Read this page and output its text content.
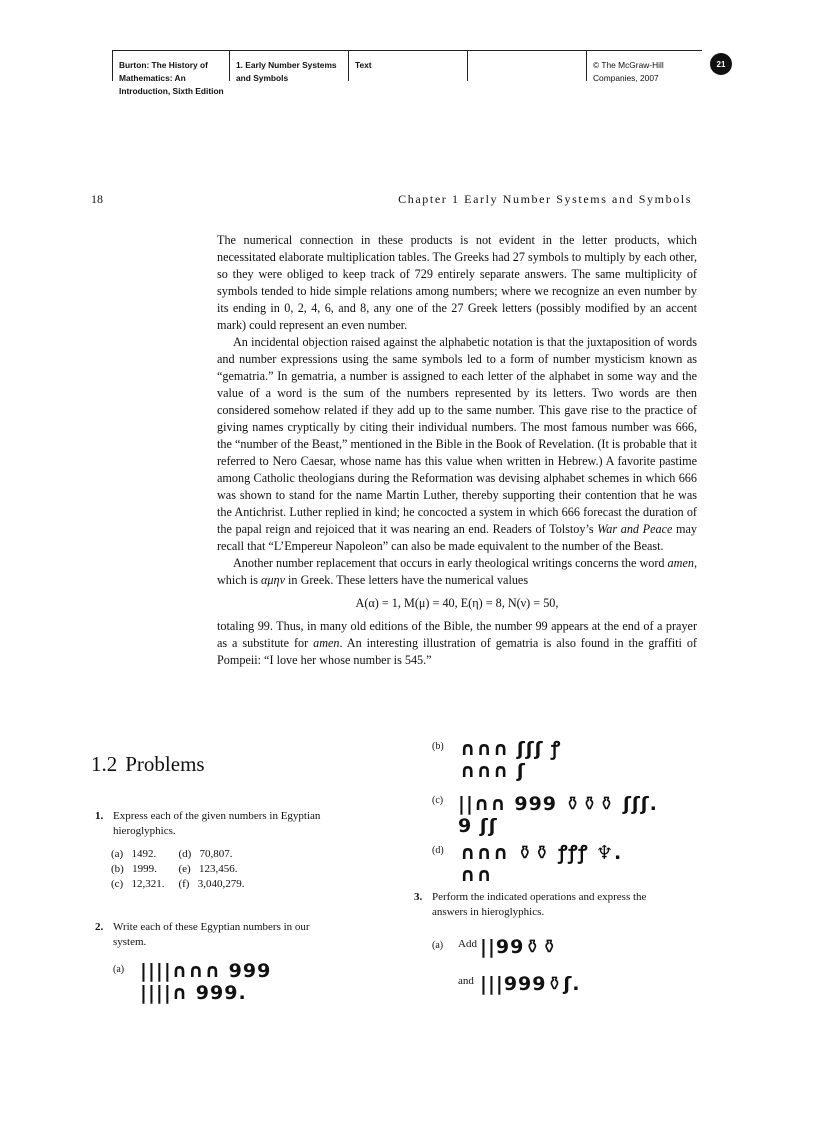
Burton: The History of Mathematics: An Introduction, Sixth Edition
1. Early Number Systems and Symbols
Text	© The McGraw-Hill Companies, 2007
21
18	Chapter 1 Early Number Systems and Symbols

The numerical connection in these products is not evident in the letter products, which necessitated elaborate multiplication tables. The Greeks had 27 symbols to multiply by each other, so they were obliged to keep track of 729 entirely separate answers. The same multiplicity of symbols tended to hide simple relations among numbers; where we recognize an even number by its ending in 0, 2, 4, 6, and 8, any one of the 27 Greek letters (possibly modified by an accent mark) could represent an even number.

An incidental objection raised against the alphabetic notation is that the juxtaposition of words and number expressions using the same symbols led to a form of number mysticism known as “gematria.” In gematria, a number is assigned to each letter of the alphabet in some way and the value of a word is the sum of the numbers represented by its letters. Two words are then considered somehow related if they add up to the same number. This gave rise to the practice of giving names cryptically by citing their individual numbers. The most famous number was 666, the “number of the Beast,” mentioned in the Bible in the Book of Revelation. (It is probable that it referred to Nero Caesar, whose name has this value when written in Hebrew.) A favorite pastime among Catholic theologians during the Reformation was devising alphabet schemes in which 666 was shown to stand for the name Martin Luther, thereby supporting their contention that he was the Antichrist. Luther replied in kind; he concocted a system in which 666 forecast the duration of the papal reign and rejoiced that it was nearing an end. Readers of Tolstoy’s War and Peace may recall that “L’Empereur Napoleon” can also be made equivalent to the number of the Beast.

Another number replacement that occurs in early theological writings concerns the word amen, which is αμην in Greek. These letters have the numerical values

A(α) = 1, M(μ) = 40, E(η) = 8, N(ν) = 50,

totaling 99. Thus, in many old editions of the Bible, the number 99 appears at the end of a prayer as a substitute for amen. An interesting illustration of gematria is also found in the graffiti of Pompeii: “I love her whose number is 545.”

1.2 Problems
1. Express each of the given numbers in Egyptian hieroglyphics.
(a) 1492.	(d) 70,807.
(b) 1999.	(e) 123,456.
(c) 12,321.	(f) 3,040,279.
2. Write each of these Egyptian numbers in our system.
(a) ||||∩∩∩ 999
||||∩ 999.
(b) ∩∩∩ ʃʃʃ ꝭ
∩∩∩ ʃ
(c) ||∩∩ 999 ⚱⚱⚱ ʃʃʃ.
9 ʃʃ
(d) ∩∩∩ ⚱⚱ ꝭꝭꝭ ♆.
∩∩
3. Perform the indicated operations and express the answers in hieroglyphics.
(a) Add ||99⚱⚱
and |||999⚱ʃ.
